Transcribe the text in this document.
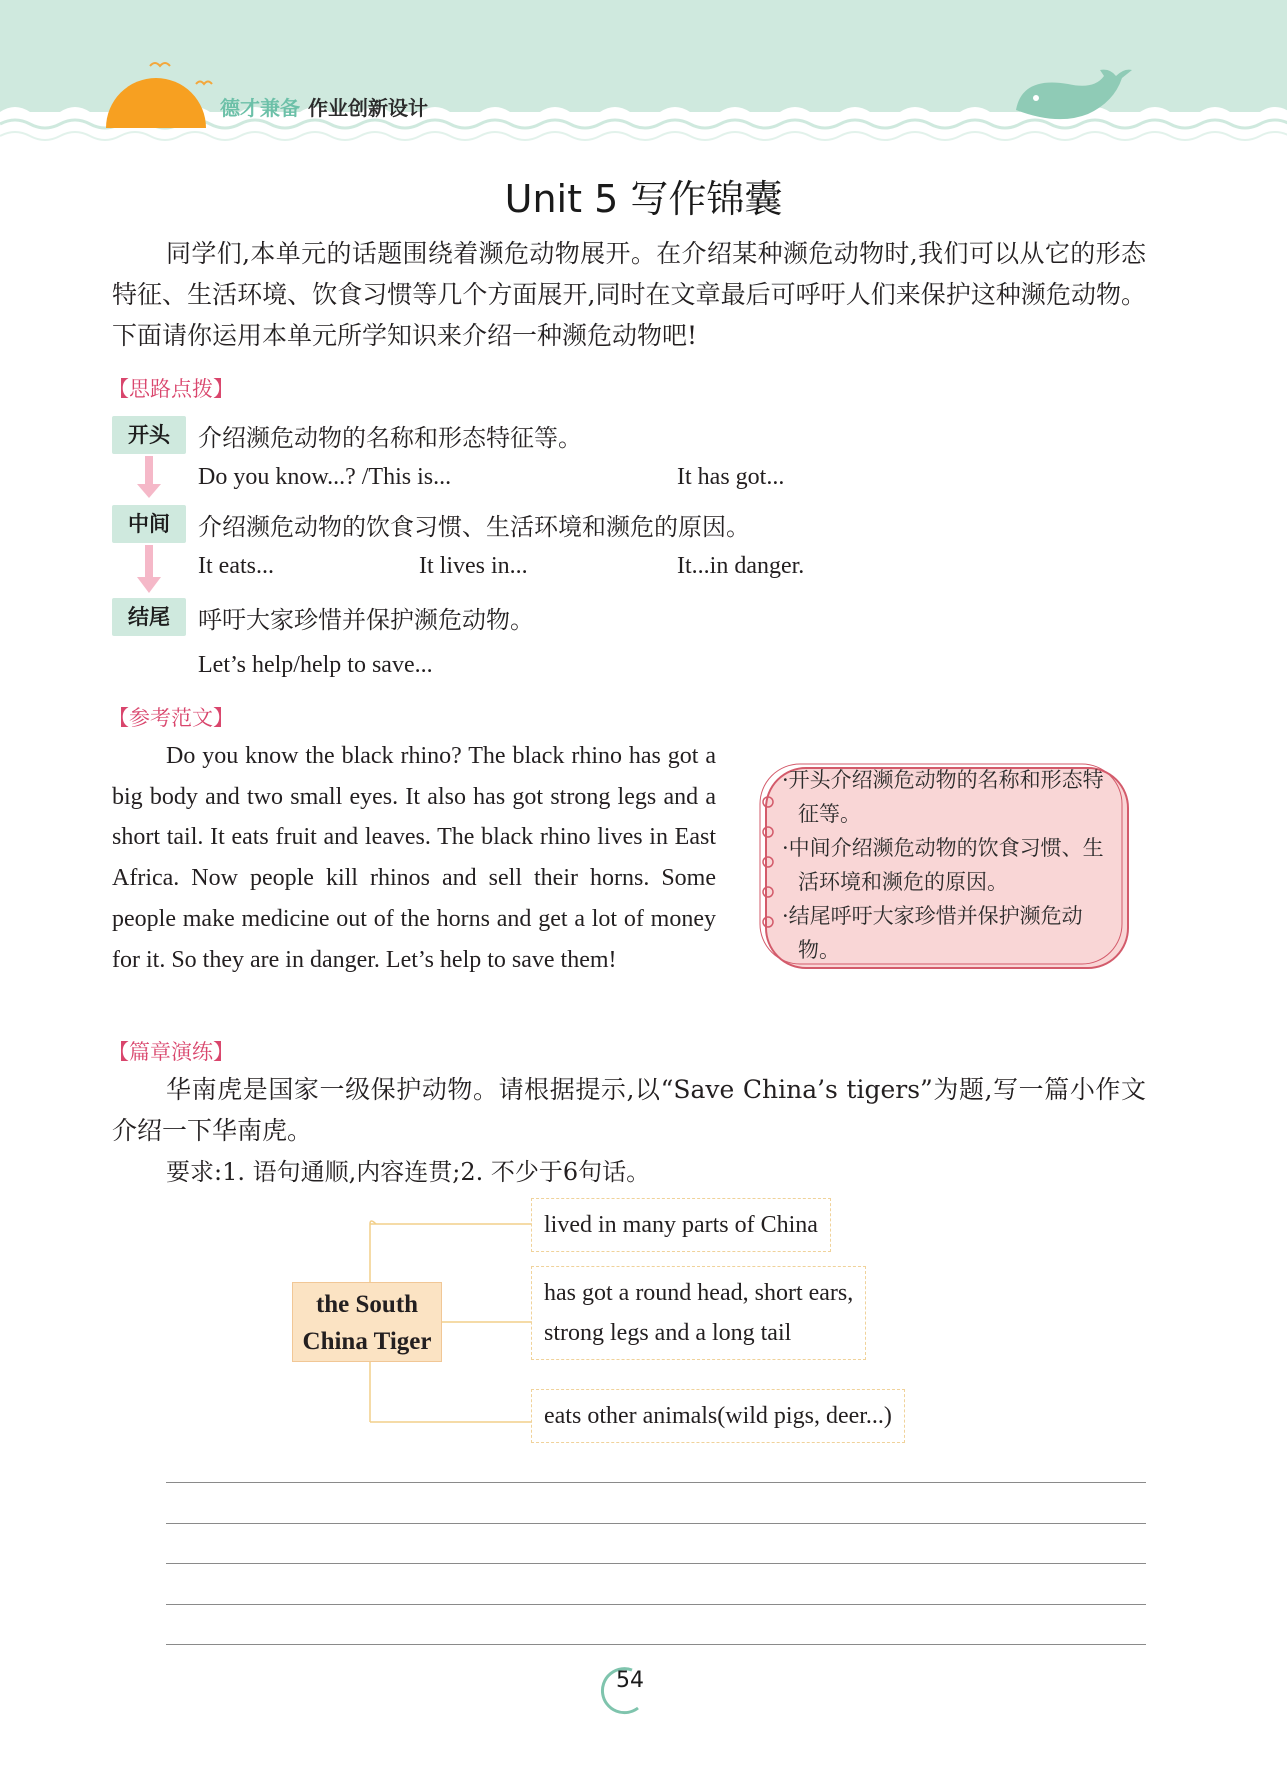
德才兼备 作业创新设计
Unit 5 写作锦囊
同学们,本单元的话题围绕着濒危动物展开。在介绍某种濒危动物时,我们可以从它的形态特征、生活环境、饮食习惯等几个方面展开,同时在文章最后可呼吁人们来保护这种濒危动物。下面请你运用本单元所学知识来介绍一种濒危动物吧!
【思路点拨】
开头	介绍濒危动物的名称和形态特征等。
Do you know...? /This is...	It has got...
中间	介绍濒危动物的饮食习惯、生活环境和濒危的原因。
It eats...	It lives in...	It...in danger.
结尾	呼吁大家珍惜并保护濒危动物。
Let’s help/help to save...
【参考范文】
Do you know the black rhino? The black rhino has got a big body and two small eyes. It also has got strong legs and a short tail. It eats fruit and leaves. The black rhino lives in East Africa. Now people kill rhinos and sell their horns. Some people make medicine out of the horns and get a lot of money for it. So they are in danger. Let’s help to save them!
·开头介绍濒危动物的名称和形态特征等。
·中间介绍濒危动物的饮食习惯、生活环境和濒危的原因。
·结尾呼吁大家珍惜并保护濒危动物。
【篇章演练】
华南虎是国家一级保护动物。请根据提示,以“Save China’s tigers”为题,写一篇小作文介绍一下华南虎。
要求:1. 语句通顺,内容连贯;2. 不少于6句话。
the South
China Tiger
lived in many parts of China
has got a round head, short ears,
strong legs and a long tail
eats other animals(wild pigs, deer...)
54
